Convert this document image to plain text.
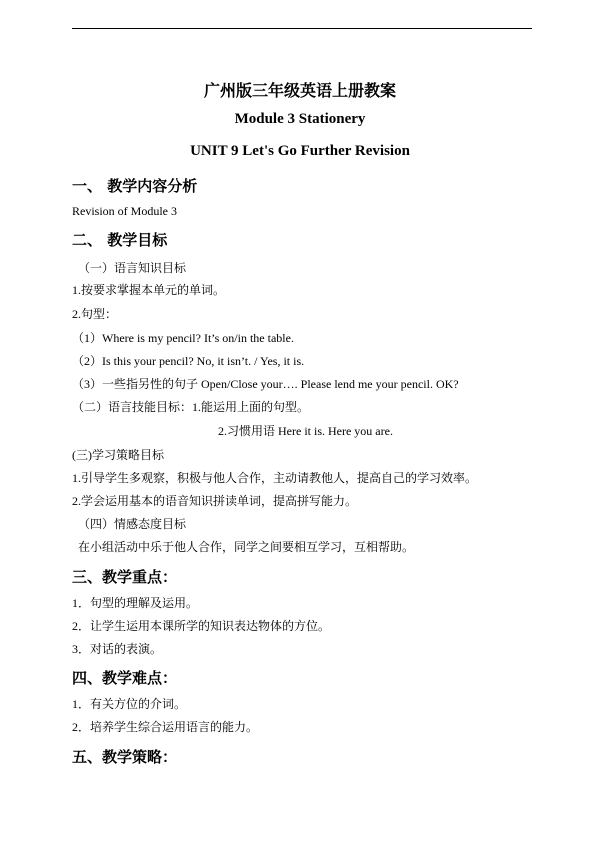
广州版三年级英语上册教案
Module 3 Stationery
UNIT 9 Let's Go Further Revision
一、 教学内容分析
Revision of Module 3
二、 教学目标
（一）语言知识目标
1.按要求掌握本单元的单词。
2.句型：
（1）Where is my pencil? It’s on/in the table.
（2）Is this your pencil? No, it isn’t. / Yes, it is.
（3）一些指另性的句子 Open/Close your…. Please lend me your pencil. OK?
（二）语言技能目标：1.能运用上面的句型。
2.习惯用语 Here it is. Here you are.
(三)学习策略目标
1.引导学生多观察，积极与他人合作，主动请教他人，提高自己的学习效率。
2.学会运用基本的语音知识拼读单词，提高拼写能力。
（四）情感态度目标
在小组活动中乐于他人合作，同学之间要相互学习，互相帮助。
三、教学重点：
1．句型的理解及运用。
2．让学生运用本课所学的知识表达物体的方位。
3．对话的表演。
四、教学难点：
1．有关方位的介词。
2．培养学生综合运用语言的能力。
五、教学策略：
